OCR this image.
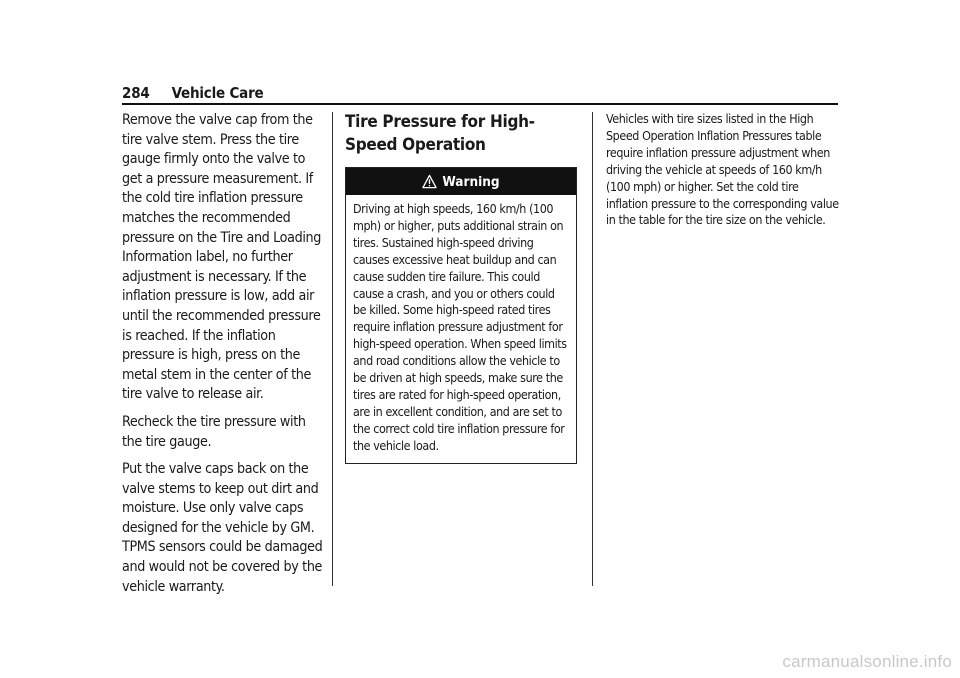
284 Vehicle Care

Remove the valve cap from the tire valve stem. Press the tire gauge firmly onto the valve to get a pressure measurement. If the cold tire inflation pressure matches the recommended pressure on the Tire and Loading Information label, no further adjustment is necessary. If the inflation pressure is low, add air until the recommended pressure is reached. If the inflation pressure is high, press on the metal stem in the center of the tire valve to release air.

Recheck the tire pressure with the tire gauge.

Put the valve caps back on the valve stems to keep out dirt and moisture. Use only valve caps designed for the vehicle by GM. TPMS sensors could be damaged and would not be covered by the vehicle warranty.

Tire Pressure for High-Speed Operation
Warning
Driving at high speeds, 160 km/h (100 mph) or higher, puts additional strain on tires. Sustained high-speed driving causes excessive heat buildup and can cause sudden tire failure. This could cause a crash, and you or others could be killed. Some high-speed rated tires require inflation pressure adjustment for high-speed operation. When speed limits and road conditions allow the vehicle to be driven at high speeds, make sure the tires are rated for high-speed operation, are in excellent condition, and are set to the correct cold tire inflation pressure for the vehicle load.

Vehicles with tire sizes listed in the High Speed Operation Inflation Pressures table require inflation pressure adjustment when driving the vehicle at speeds of 160 km/h (100 mph) or higher. Set the cold tire inflation pressure to the corresponding value in the table for the tire size on the vehicle.

carmanualsonline.info
